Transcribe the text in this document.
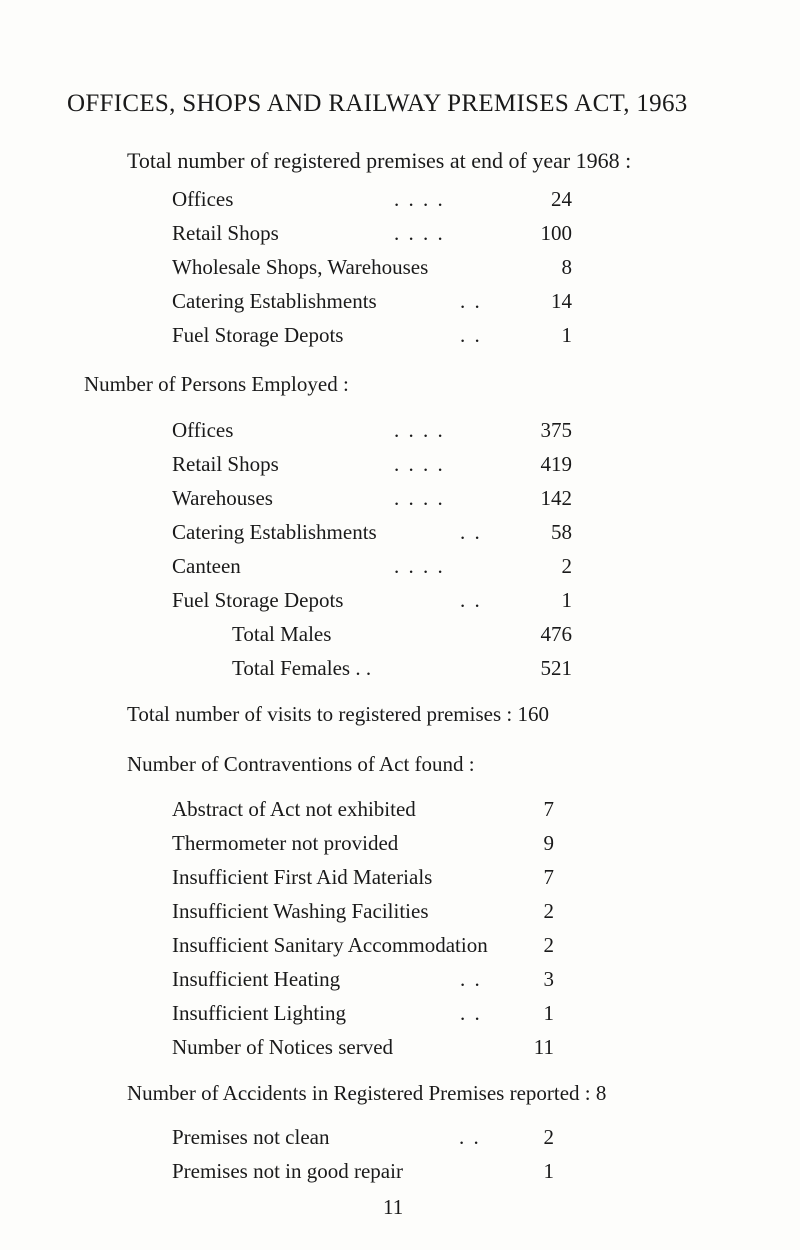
OFFICES, SHOPS AND RAILWAY PREMISES ACT, 1963
Total number of registered premises at end of year 1968 :
Offices	. . . .	24
Retail Shops	. . . .	100
Wholesale Shops, Warehouses	8
Catering Establishments	. .	14
Fuel Storage Depots	. .	1
Number of Persons Employed :
Offices	. . . .	375
Retail Shops	. . . .	419
Warehouses	. . . .	142
Catering Establishments	. .	58
Canteen	. . . .	2
Fuel Storage Depots	. .	1
Total Males	476
Total Females . .	521
Total number of visits to registered premises : 160
Number of Contraventions of Act found :
Abstract of Act not exhibited	7
Thermometer not provided	9
Insufficient First Aid Materials	7
Insufficient Washing Facilities	2
Insufficient Sanitary Accommodation	2
Insufficient Heating	. .	3
Insufficient Lighting	. .	1
Number of Notices served	11
Number of Accidents in Registered Premises reported : 8
Premises not clean	. .	2
Premises not in good repair	1
11
